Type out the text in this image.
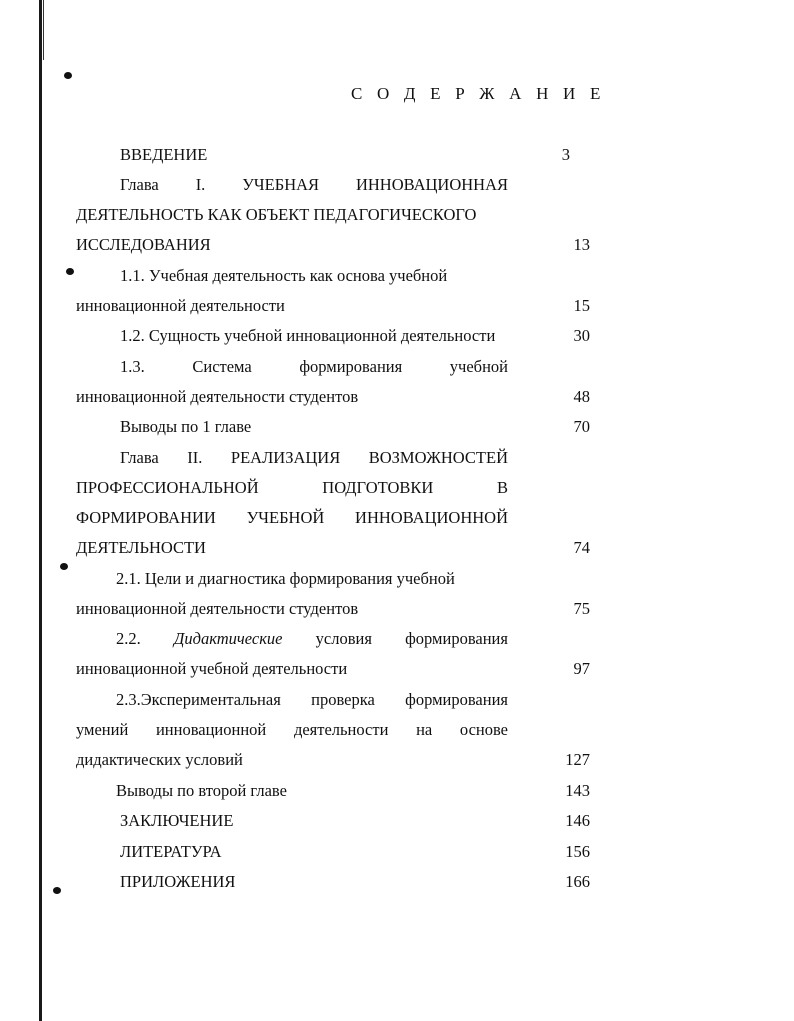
С О Д Е Р Ж А Н И Е
ВВЕДЕНИЕ	3
Глава I. УЧЕБНАЯ ИННОВАЦИОННАЯ
ДЕЯТЕЛЬНОСТЬ КАК ОБЪЕКТ ПЕДАГОГИЧЕСКОГО
ИССЛЕДОВАНИЯ	13
1.1. Учебная деятельность как основа учебной
инновационной деятельности	15
1.2. Сущность учебной инновационной деятельности	30
1.3.	Система	формирования	учебной
инновационной деятельности студентов	48
Выводы по 1 главе	70
Глава II. РЕАЛИЗАЦИЯ ВОЗМОЖНОСТЕЙ
ПРОФЕССИОНАЛЬНОЙ	ПОДГОТОВКИ	В
ФОРМИРОВАНИИ УЧЕБНОЙ ИННОВАЦИОННОЙ
ДЕЯТЕЛЬНОСТИ	74
2.1. Цели и диагностика формирования учебной
инновационной деятельности студентов	75
2.2. Дидактические условия формирования
инновационной учебной деятельности	97
2.3.Экспериментальная проверка формирования
умений инновационной деятельности на основе
дидактических условий	127
Выводы по второй главе	143
ЗАКЛЮЧЕНИЕ	146
ЛИТЕРАТУРА	156
ПРИЛОЖЕНИЯ	166
